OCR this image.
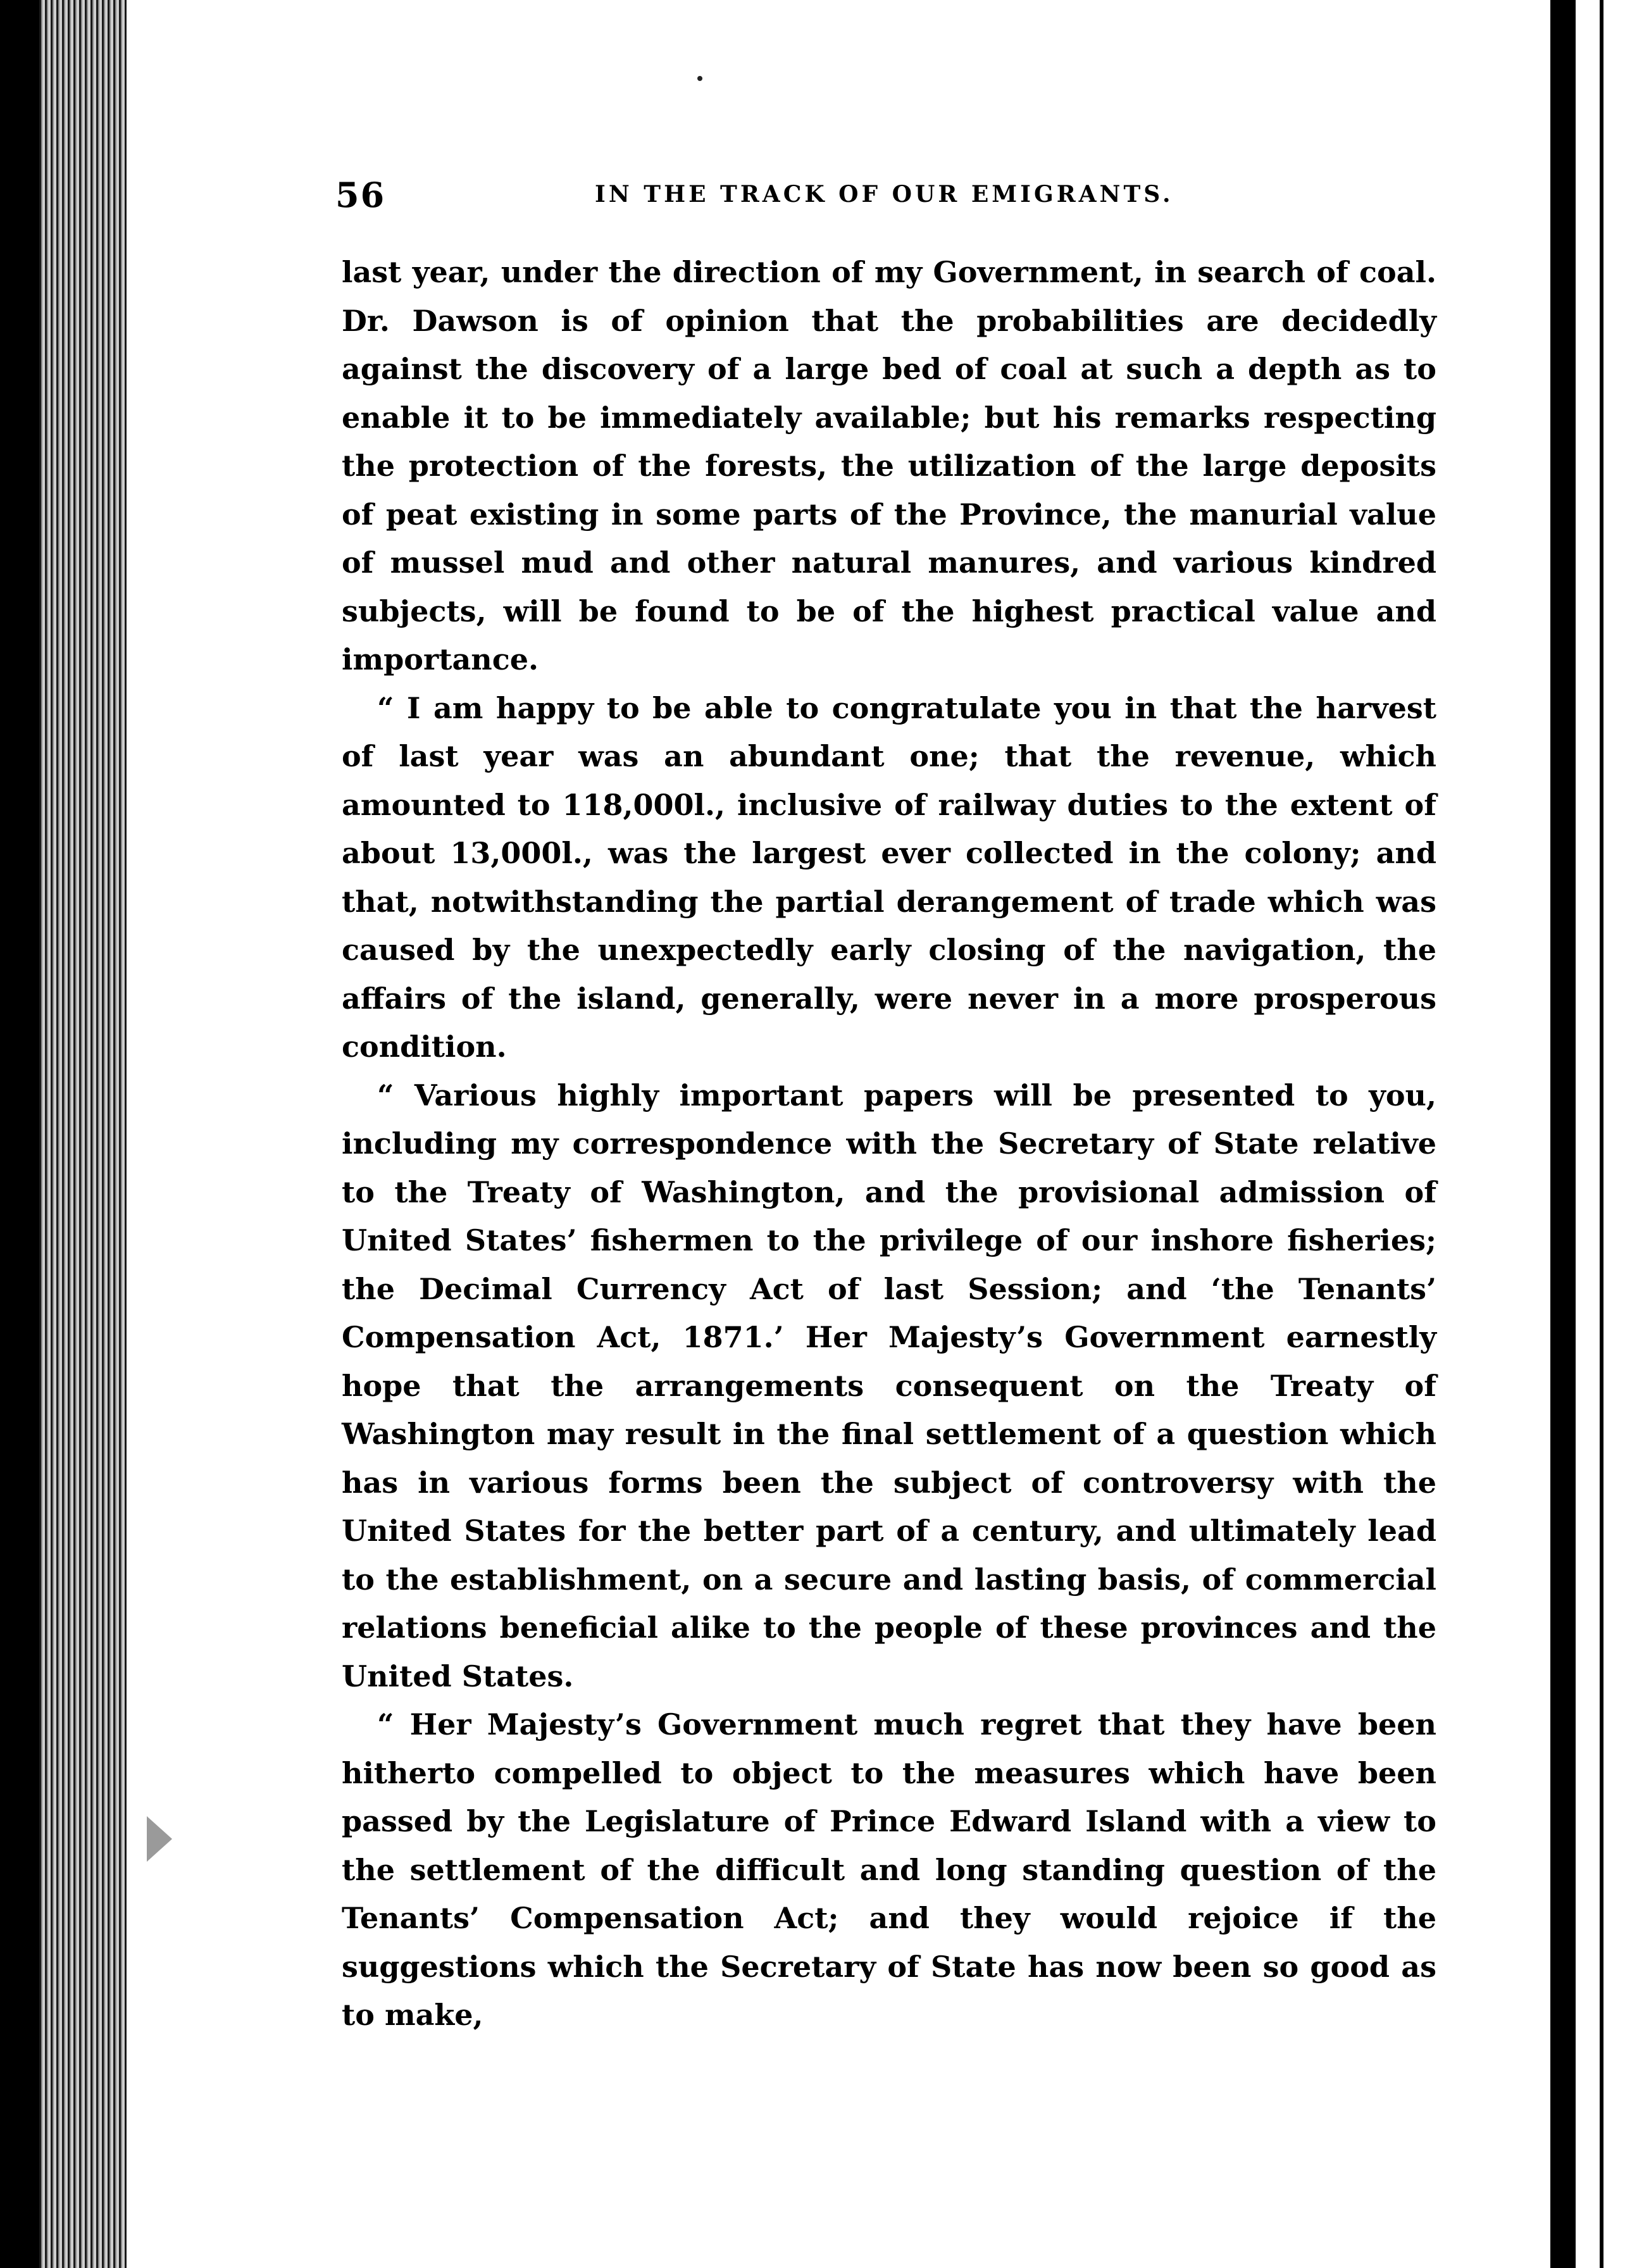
56	IN THE TRACK OF OUR EMIGRANTS.

last year, under the direction of my Government, in search of coal. Dr. Dawson is of opinion that the probabilities are decidedly against the discovery of a large bed of coal at such a depth as to enable it to be immediately available; but his remarks respecting the protection of the forests, the utilization of the large deposits of peat existing in some parts of the Province, the manurial value of mussel mud and other natural manures, and various kindred subjects, will be found to be of the highest practical value and importance.

“ I am happy to be able to congratulate you in that the harvest of last year was an abundant one; that the revenue, which amounted to 118,000l., inclusive of railway duties to the extent of about 13,000l., was the largest ever collected in the colony; and that, notwithstanding the partial derangement of trade which was caused by the unexpectedly early closing of the navigation, the affairs of the island, generally, were never in a more prosperous condition.

“ Various highly important papers will be presented to you, including my correspondence with the Secretary of State relative to the Treaty of Washington, and the provisional admission of United States’ fishermen to the privilege of our inshore fisheries; the Decimal Currency Act of last Session; and ‘the Tenants’ Compensation Act, 1871.’ Her Majesty’s Government earnestly hope that the arrangements consequent on the Treaty of Washington may result in the final settlement of a question which has in various forms been the subject of controversy with the United States for the better part of a century, and ultimately lead to the establishment, on a secure and lasting basis, of commercial relations beneficial alike to the people of these provinces and the United States.

“ Her Majesty’s Government much regret that they have been hitherto compelled to object to the measures which have been passed by the Legislature of Prince Edward Island with a view to the settlement of the difficult and long standing question of the Tenants’ Compensation Act; and they would rejoice if the suggestions which the Secretary of State has now been so good as to make,
